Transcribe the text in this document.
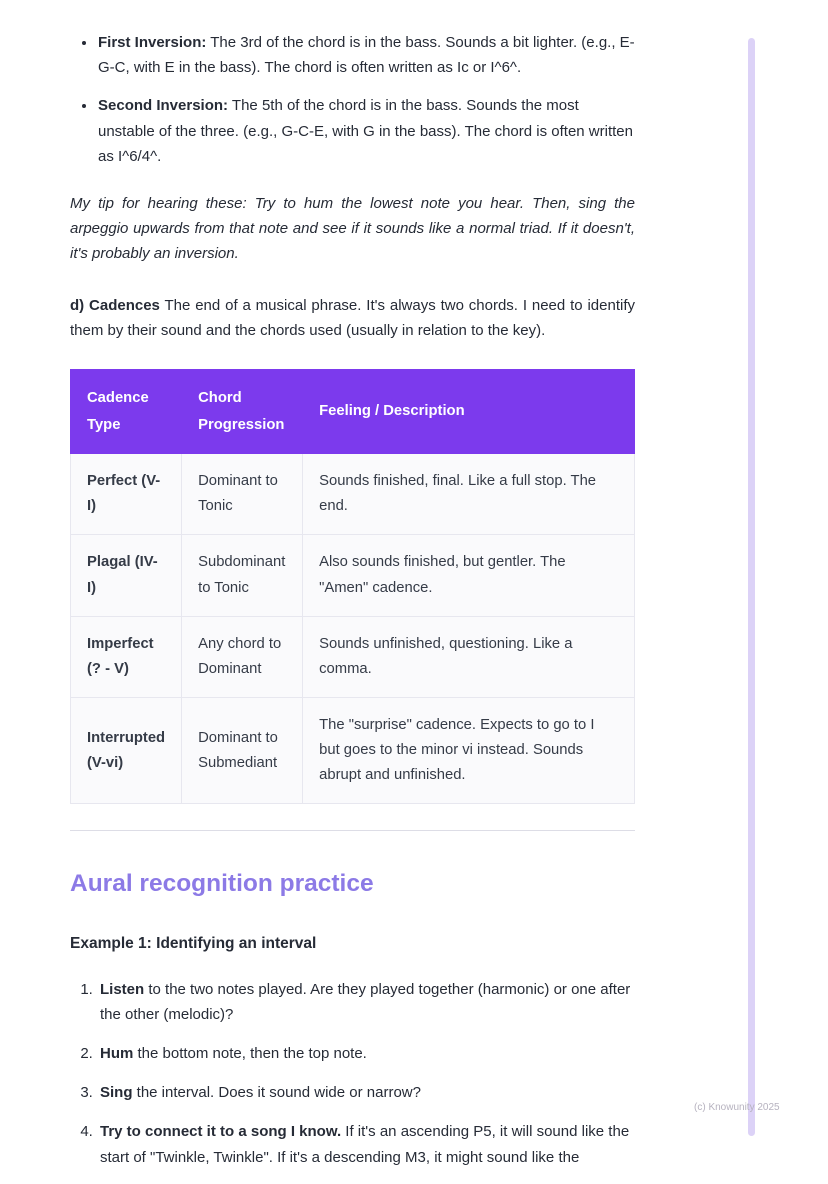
• First Inversion: The 3rd of the chord is in the bass. Sounds a bit lighter. (e.g., E-G-C, with E in the bass). The chord is often written as Ic or I^6^.
• Second Inversion: The 5th of the chord is in the bass. Sounds the most unstable of the three. (e.g., G-C-E, with G in the bass). The chord is often written as I^6/4^.

My tip for hearing these: Try to hum the lowest note you hear. Then, sing the arpeggio upwards from that note and see if it sounds like a normal triad. If it doesn't, it's probably an inversion.

d) Cadences The end of a musical phrase. It's always two chords. I need to identify them by their sound and the chords used (usually in relation to the key).

Cadence Type	Chord Progression	Feeling / Description
Perfect (V-I)	Dominant to Tonic	Sounds finished, final. Like a full stop. The end.
Plagal (IV-I)	Subdominant to Tonic	Also sounds finished, but gentler. The "Amen" cadence.
Imperfect (? - V)	Any chord to Dominant	Sounds unfinished, questioning. Like a comma.
Interrupted (V-vi)	Dominant to Submediant	The "surprise" cadence. Expects to go to I but goes to the minor vi instead. Sounds abrupt and unfinished.
Aural recognition practice

Example 1: Identifying an interval

1. Listen to the two notes played. Are they played together (harmonic) or one after the other (melodic)?
2. Hum the bottom note, then the top note.
3. Sing the interval. Does it sound wide or narrow?
4. Try to connect it to a song I know. If it's an ascending P5, it will sound like the start of "Twinkle, Twinkle". If it's a descending M3, it might sound like the
(c) Knowunity 2025
